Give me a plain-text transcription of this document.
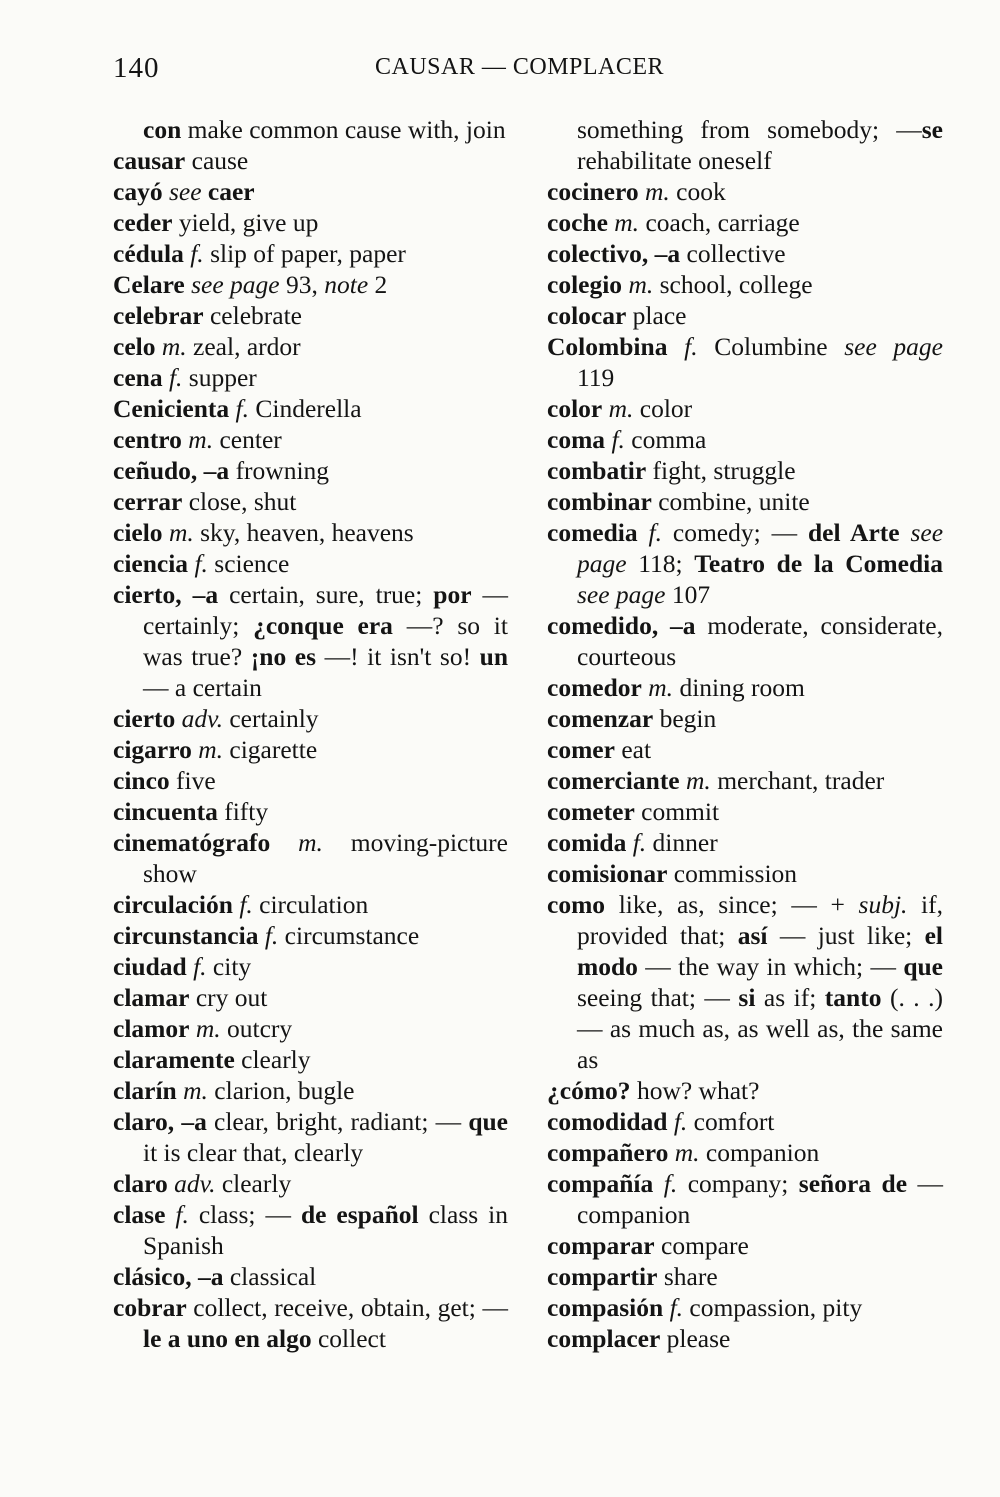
140	CAUSAR — COMPLACER

con make common cause with, join

causar cause

cayó see caer

ceder yield, give up

cédula f. slip of paper, paper

Celare see page 93, note 2

celebrar celebrate

celo m. zeal, ardor

cena f. supper

Cenicienta f. Cinderella

centro m. center

ceñudo, –a frowning

cerrar close, shut

cielo m. sky, heaven, heavens

ciencia f. science

cierto, –a certain, sure, true; por — certainly; ¿conque era —? so it was true? ¡no es —! it isn't so! un — a certain

cierto adv. certainly

cigarro m. cigarette

cinco five

cincuenta fifty

cinematógrafo m. moving-picture show

circulación f. circulation

circunstancia f. circumstance

ciudad f. city

clamar cry out

clamor m. outcry

claramente clearly

clarín m. clarion, bugle

claro, –a clear, bright, radiant; — que it is clear that, clearly

claro adv. clearly

clase f. class; — de español class in Spanish

clásico, –a classical

cobrar collect, receive, obtain, get; —le a uno en algo collect

something from somebody; —se rehabilitate oneself

cocinero m. cook

coche m. coach, carriage

colectivo, –a collective

colegio m. school, college

colocar place

Colombina f. Columbine see page 119

color m. color

coma f. comma

combatir fight, struggle

combinar combine, unite

comedia f. comedy; — del Arte see page 118; Teatro de la Comedia see page 107

comedido, –a moderate, considerate, courteous

comedor m. dining room

comenzar begin

comer eat

comerciante m. merchant, trader

cometer commit

comida f. dinner

comisionar commission

como like, as, since; — + subj. if, provided that; así — just like; el modo — the way in which; — que seeing that; — si as if; tanto (. . .) — as much as, as well as, the same as

¿cómo? how? what?

comodidad f. comfort

compañero m. companion

compañía f. company; señora de — companion

comparar compare

compartir share

compasión f. compassion, pity

complacer please
